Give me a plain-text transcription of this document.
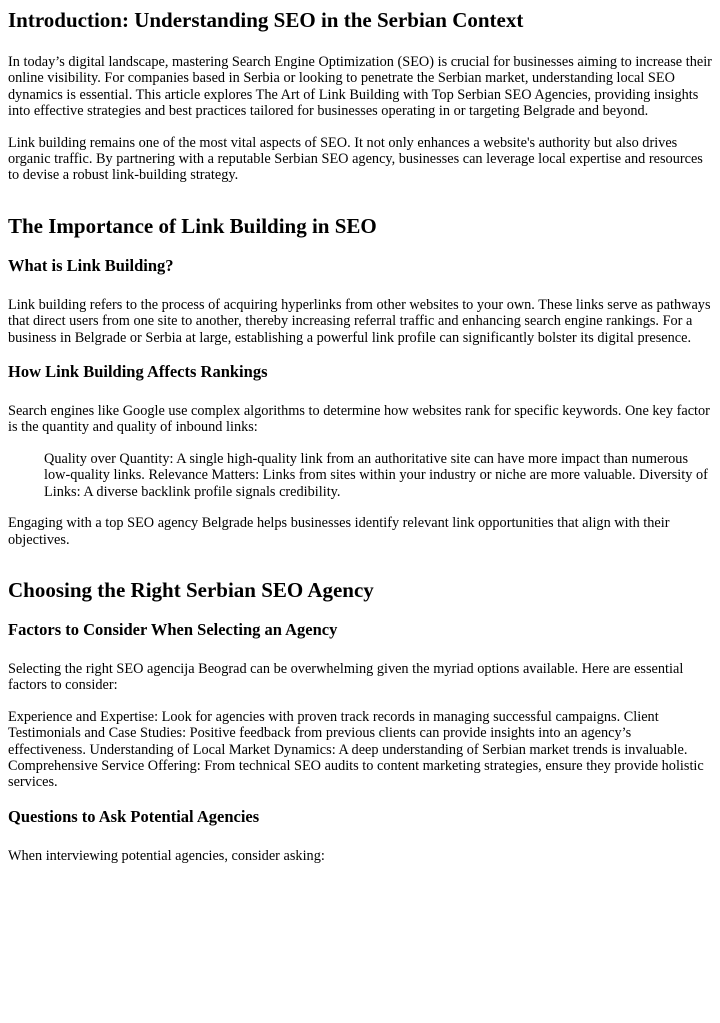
Introduction: Understanding SEO in the Serbian Context

In today’s digital landscape, mastering Search Engine Optimization (SEO) is crucial for businesses aiming to increase their online visibility. For companies based in Serbia or looking to penetrate the Serbian market, understanding local SEO dynamics is essential. This article explores The Art of Link Building with Top Serbian SEO Agencies, providing insights into effective strategies and best practices tailored for businesses operating in or targeting Belgrade and beyond.

Link building remains one of the most vital aspects of SEO. It not only enhances a website's authority but also drives organic traffic. By partnering with a reputable Serbian SEO agency, businesses can leverage local expertise and resources to devise a robust link-building strategy.

The Importance of Link Building in SEO
What is Link Building?

Link building refers to the process of acquiring hyperlinks from other websites to your own. These links serve as pathways that direct users from one site to another, thereby increasing referral traffic and enhancing search engine rankings. For a business in Belgrade or Serbia at large, establishing a powerful link profile can significantly bolster its digital presence.

How Link Building Affects Rankings

Search engines like Google use complex algorithms to determine how websites rank for specific keywords. One key factor is the quantity and quality of inbound links:

Quality over Quantity: A single high-quality link from an authoritative site can have more impact than numerous low-quality links. Relevance Matters: Links from sites within your industry or niche are more valuable. Diversity of Links: A diverse backlink profile signals credibility.

Engaging with a top SEO agency Belgrade helps businesses identify relevant link opportunities that align with their objectives.

Choosing the Right Serbian SEO Agency
Factors to Consider When Selecting an Agency

Selecting the right SEO agencija Beograd can be overwhelming given the myriad options available. Here are essential factors to consider:

Experience and Expertise: Look for agencies with proven track records in managing successful campaigns. Client Testimonials and Case Studies: Positive feedback from previous clients can provide insights into an agency’s effectiveness. Understanding of Local Market Dynamics: A deep understanding of Serbian market trends is invaluable. Comprehensive Service Offering: From technical SEO audits to content marketing strategies, ensure they provide holistic services.

Questions to Ask Potential Agencies

When interviewing potential agencies, consider asking:
